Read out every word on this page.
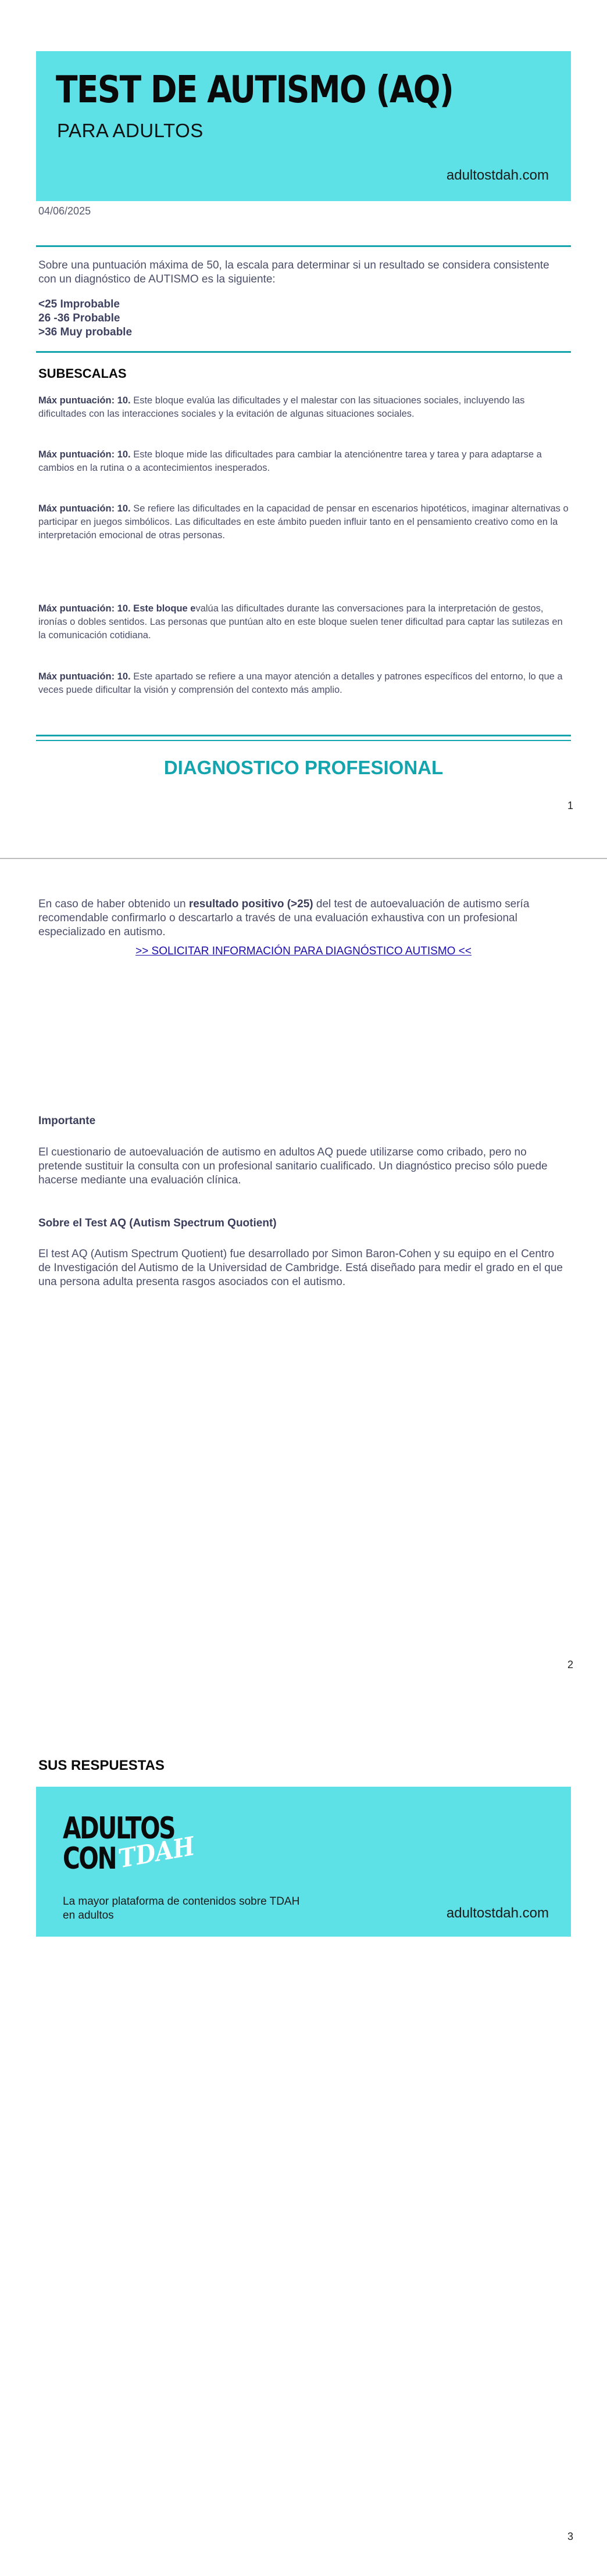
TEST DE AUTISMO (AQ)
PARA ADULTOS
adultostdah.com
04/06/2025
Sobre una puntuación máxima de 50, la escala para determinar si un resultado se considera consistente con un diagnóstico de AUTISMO es la siguiente:
<25 Improbable
26 -36 Probable
>36 Muy probable
SUBESCALAS
Máx puntuación: 10. Este bloque evalúa las dificultades y el malestar con las situaciones sociales, incluyendo las dificultades con las interacciones sociales y la evitación de algunas situaciones sociales.
Máx puntuación: 10. Este bloque mide las dificultades para cambiar la atenciónentre tarea y tarea y para adaptarse a cambios en la rutina o a acontecimientos inesperados.
Máx puntuación: 10. Se refiere las dificultades en la capacidad de pensar en escenarios hipotéticos, imaginar alternativas o participar en juegos simbólicos. Las dificultades en este ámbito pueden influir tanto en el pensamiento creativo como en la interpretación emocional de otras personas.
Máx puntuación: 10. Este bloque evalúa las dificultades durante las conversaciones para la interpretación de gestos, ironías o dobles sentidos. Las personas que puntúan alto en este bloque suelen tener dificultad para captar las sutilezas en la comunicación cotidiana.
Máx puntuación: 10. Este apartado se refiere a una mayor atención a detalles y patrones específicos del entorno, lo que a veces puede dificultar la visión y comprensión del contexto más amplio.
DIAGNOSTICO PROFESIONAL
1
En caso de haber obtenido un resultado positivo (>25) del test de autoevaluación de autismo sería recomendable confirmarlo o descartarlo a través de una evaluación exhaustiva con un profesional especializado en autismo.
>> SOLICITAR INFORMACIÓN PARA DIAGNÓSTICO AUTISMO <<
Importante
El cuestionario de autoevaluación de autismo en adultos AQ puede utilizarse como cribado, pero no pretende sustituir la consulta con un profesional sanitario cualificado. Un diagnóstico preciso sólo puede hacerse mediante una evaluación clínica.
Sobre el Test AQ (Autism Spectrum Quotient)
El test AQ (Autism Spectrum Quotient) fue desarrollado por Simon Baron-Cohen y su equipo en el Centro de Investigación del Autismo de la Universidad de Cambridge. Está diseñado para medir el grado en el que una persona adulta presenta rasgos asociados con el autismo.
2
SUS RESPUESTAS
ADULTOS
CON TDAH
La mayor plataforma de contenidos sobre TDAH en adultos	adultostdah.com
3
